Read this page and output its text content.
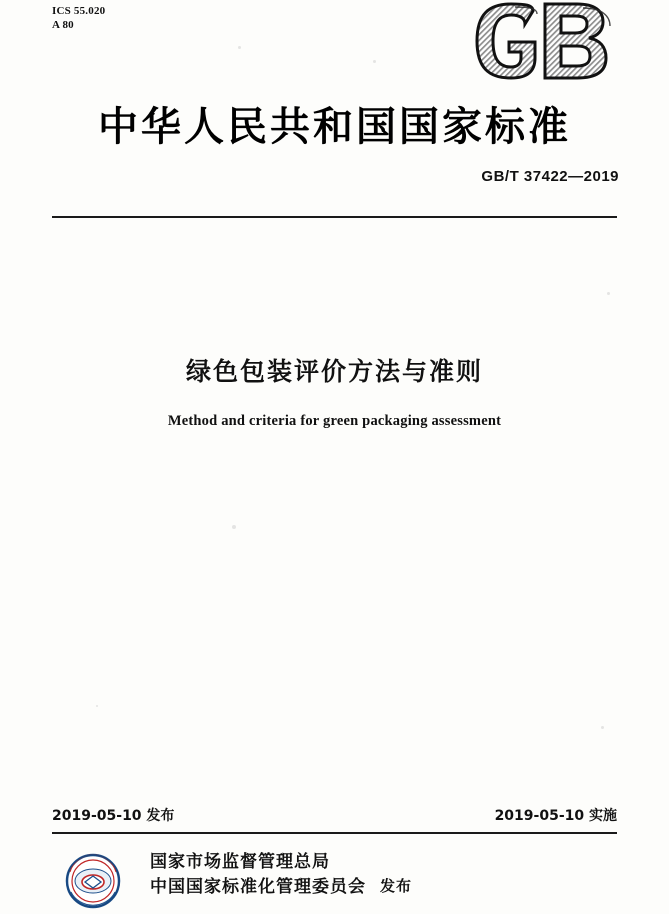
ICS 55.020
A 80
中华人民共和国国家标准
GB/T 37422—2019
绿色包装评价方法与准则
Method and criteria for green packaging assessment
2019-05-10 发布	2019-05-10 实施
国家市场监督管理总局
中国国家标准化管理委员会 发布
